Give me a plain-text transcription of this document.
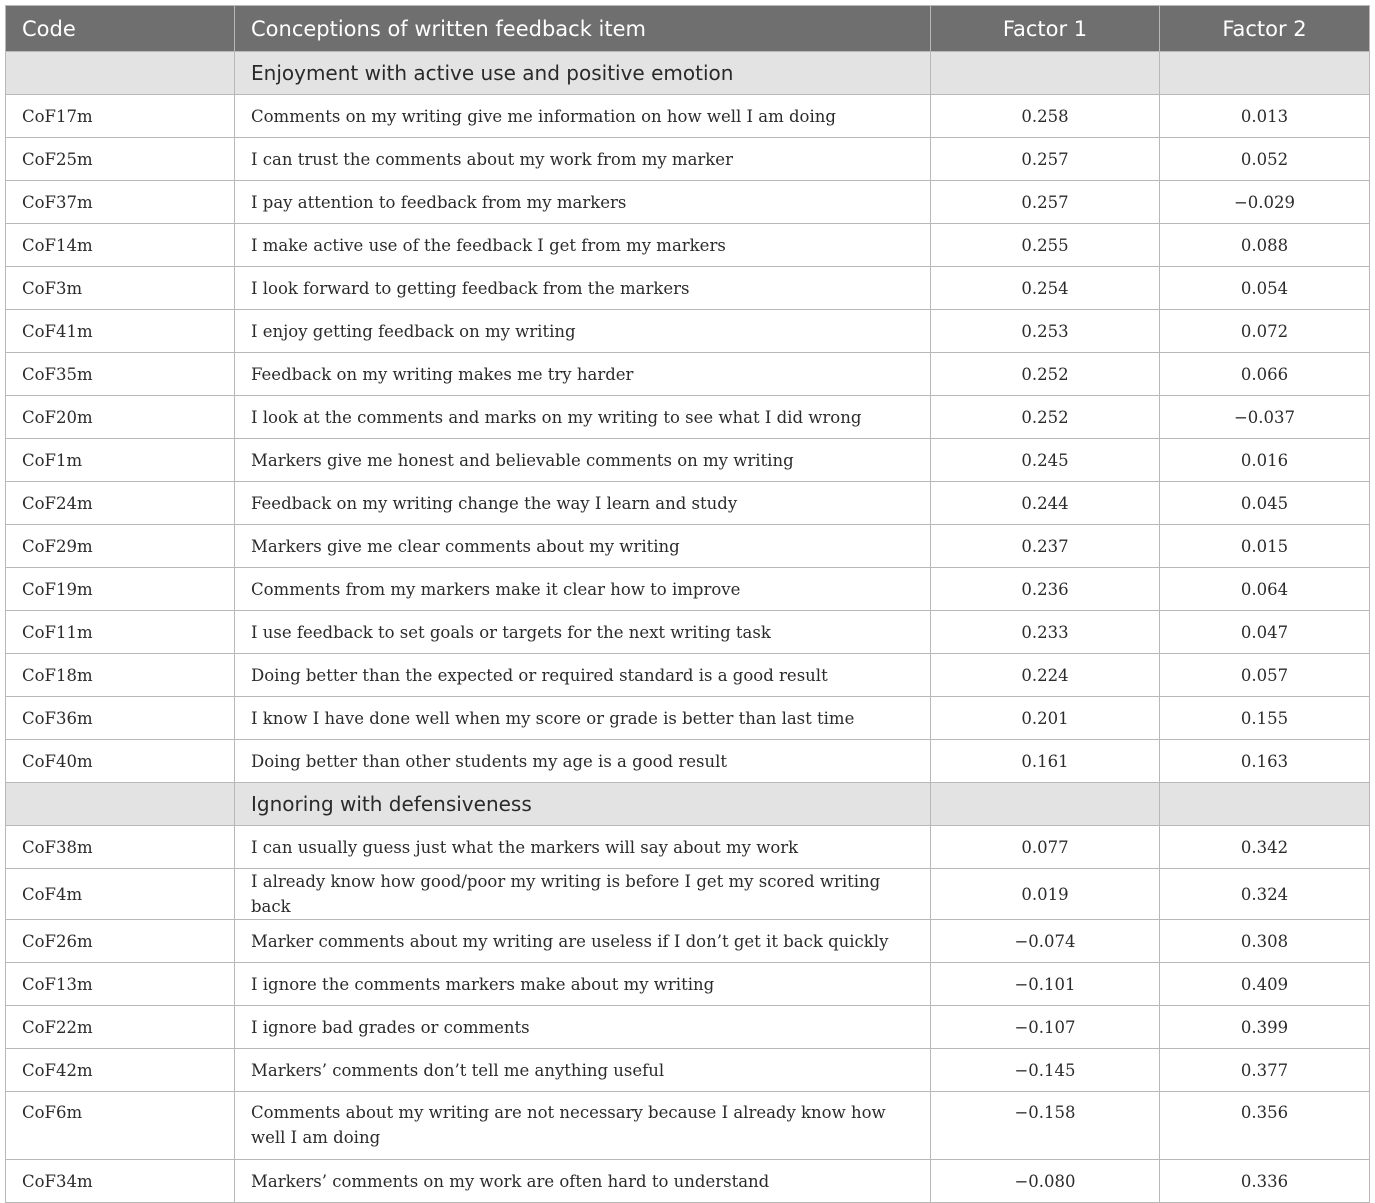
Code	Conceptions of written feedback item	Factor 1	Factor 2
	Enjoyment with active use and positive emotion		
CoF17m	Comments on my writing give me information on how well I am doing	0.258	0.013
CoF25m	I can trust the comments about my work from my marker	0.257	0.052
CoF37m	I pay attention to feedback from my markers	0.257	−0.029
CoF14m	I make active use of the feedback I get from my markers	0.255	0.088
CoF3m	I look forward to getting feedback from the markers	0.254	0.054
CoF41m	I enjoy getting feedback on my writing	0.253	0.072
CoF35m	Feedback on my writing makes me try harder	0.252	0.066
CoF20m	I look at the comments and marks on my writing to see what I did wrong	0.252	−0.037
CoF1m	Markers give me honest and believable comments on my writing	0.245	0.016
CoF24m	Feedback on my writing change the way I learn and study	0.244	0.045
CoF29m	Markers give me clear comments about my writing	0.237	0.015
CoF19m	Comments from my markers make it clear how to improve	0.236	0.064
CoF11m	I use feedback to set goals or targets for the next writing task	0.233	0.047
CoF18m	Doing better than the expected or required standard is a good result	0.224	0.057
CoF36m	I know I have done well when my score or grade is better than last time	0.201	0.155
CoF40m	Doing better than other students my age is a good result	0.161	0.163
	Ignoring with defensiveness		
CoF38m	I can usually guess just what the markers will say about my work	0.077	0.342
CoF4m	I already know how good/poor my writing is before I get my scored writing back	0.019	0.324
CoF26m	Marker comments about my writing are useless if I don’t get it back quickly	−0.074	0.308
CoF13m	I ignore the comments markers make about my writing	−0.101	0.409
CoF22m	I ignore bad grades or comments	−0.107	0.399
CoF42m	Markers’ comments don’t tell me anything useful	−0.145	0.377
CoF6m	Comments about my writing are not necessary because I already know how well I am doing	−0.158	0.356
CoF34m	Markers’ comments on my work are often hard to understand	−0.080	0.336
